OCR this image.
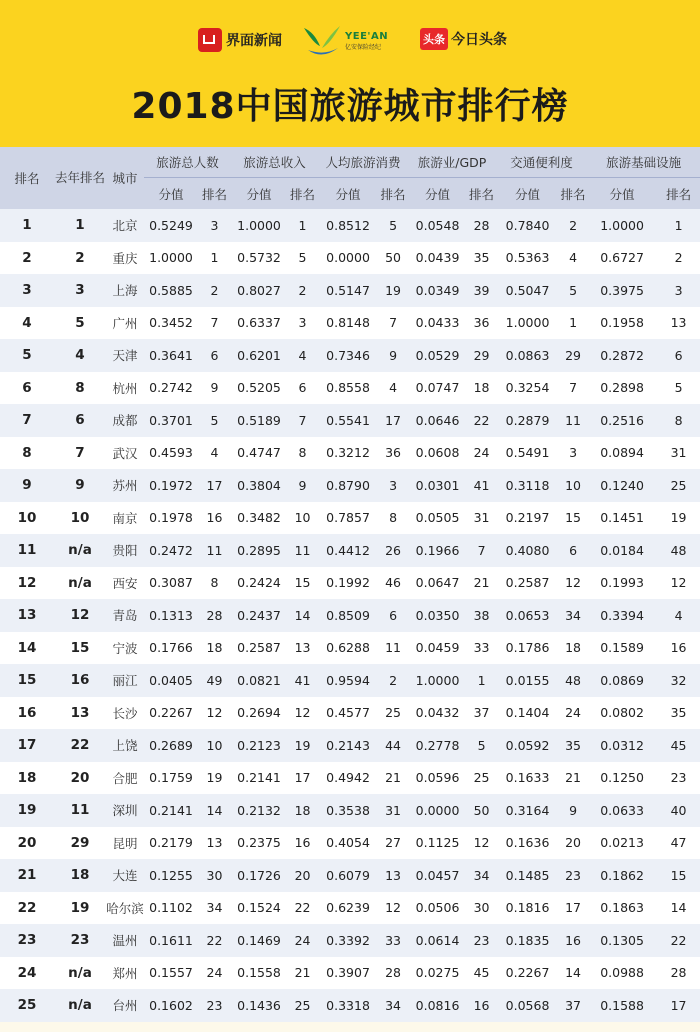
界面新闻	YEE'AN
亿安保险经纪
头条 今日头条
2018中国旅游城市排行榜
排名	去年排名	城市	旅游总人数		旅游总收入		人均旅游消费		旅游业/GDP		交通便利度		旅游基础设施	
			分值	排名	分值	排名	分值	排名	分值	排名	分值	排名	分值	排名
1	1	北京	0.5249	3	1.0000	1	0.8512	5	0.0548	28	0.7840	2	1.0000	1
2	2	重庆	1.0000	1	0.5732	5	0.0000	50	0.0439	35	0.5363	4	0.6727	2
3	3	上海	0.5885	2	0.8027	2	0.5147	19	0.0349	39	0.5047	5	0.3975	3
4	5	广州	0.3452	7	0.6337	3	0.8148	7	0.0433	36	1.0000	1	0.1958	13
5	4	天津	0.3641	6	0.6201	4	0.7346	9	0.0529	29	0.0863	29	0.2872	6
6	8	杭州	0.2742	9	0.5205	6	0.8558	4	0.0747	18	0.3254	7	0.2898	5
7	6	成都	0.3701	5	0.5189	7	0.5541	17	0.0646	22	0.2879	11	0.2516	8
8	7	武汉	0.4593	4	0.4747	8	0.3212	36	0.0608	24	0.5491	3	0.0894	31
9	9	苏州	0.1972	17	0.3804	9	0.8790	3	0.0301	41	0.3118	10	0.1240	25
10	10	南京	0.1978	16	0.3482	10	0.7857	8	0.0505	31	0.2197	15	0.1451	19
11	n/a	贵阳	0.2472	11	0.2895	11	0.4412	26	0.1966	7	0.4080	6	0.0184	48
12	n/a	西安	0.3087	8	0.2424	15	0.1992	46	0.0647	21	0.2587	12	0.1993	12
13	12	青岛	0.1313	28	0.2437	14	0.8509	6	0.0350	38	0.0653	34	0.3394	4
14	15	宁波	0.1766	18	0.2587	13	0.6288	11	0.0459	33	0.1786	18	0.1589	16
15	16	丽江	0.0405	49	0.0821	41	0.9594	2	1.0000	1	0.0155	48	0.0869	32
16	13	长沙	0.2267	12	0.2694	12	0.4577	25	0.0432	37	0.1404	24	0.0802	35
17	22	上饶	0.2689	10	0.2123	19	0.2143	44	0.2778	5	0.0592	35	0.0312	45
18	20	合肥	0.1759	19	0.2141	17	0.4942	21	0.0596	25	0.1633	21	0.1250	23
19	11	深圳	0.2141	14	0.2132	18	0.3538	31	0.0000	50	0.3164	9	0.0633	40
20	29	昆明	0.2179	13	0.2375	16	0.4054	27	0.1125	12	0.1636	20	0.0213	47
21	18	大连	0.1255	30	0.1726	20	0.6079	13	0.0457	34	0.1485	23	0.1862	15
22	19	哈尔滨	0.1102	34	0.1524	22	0.6239	12	0.0506	30	0.1816	17	0.1863	14
23	23	温州	0.1611	22	0.1469	24	0.3392	33	0.0614	23	0.1835	16	0.1305	22
24	n/a	郑州	0.1557	24	0.1558	21	0.3907	28	0.0275	45	0.2267	14	0.0988	28
25	n/a	台州	0.1602	23	0.1436	25	0.3318	34	0.0816	16	0.0568	37	0.1588	17
